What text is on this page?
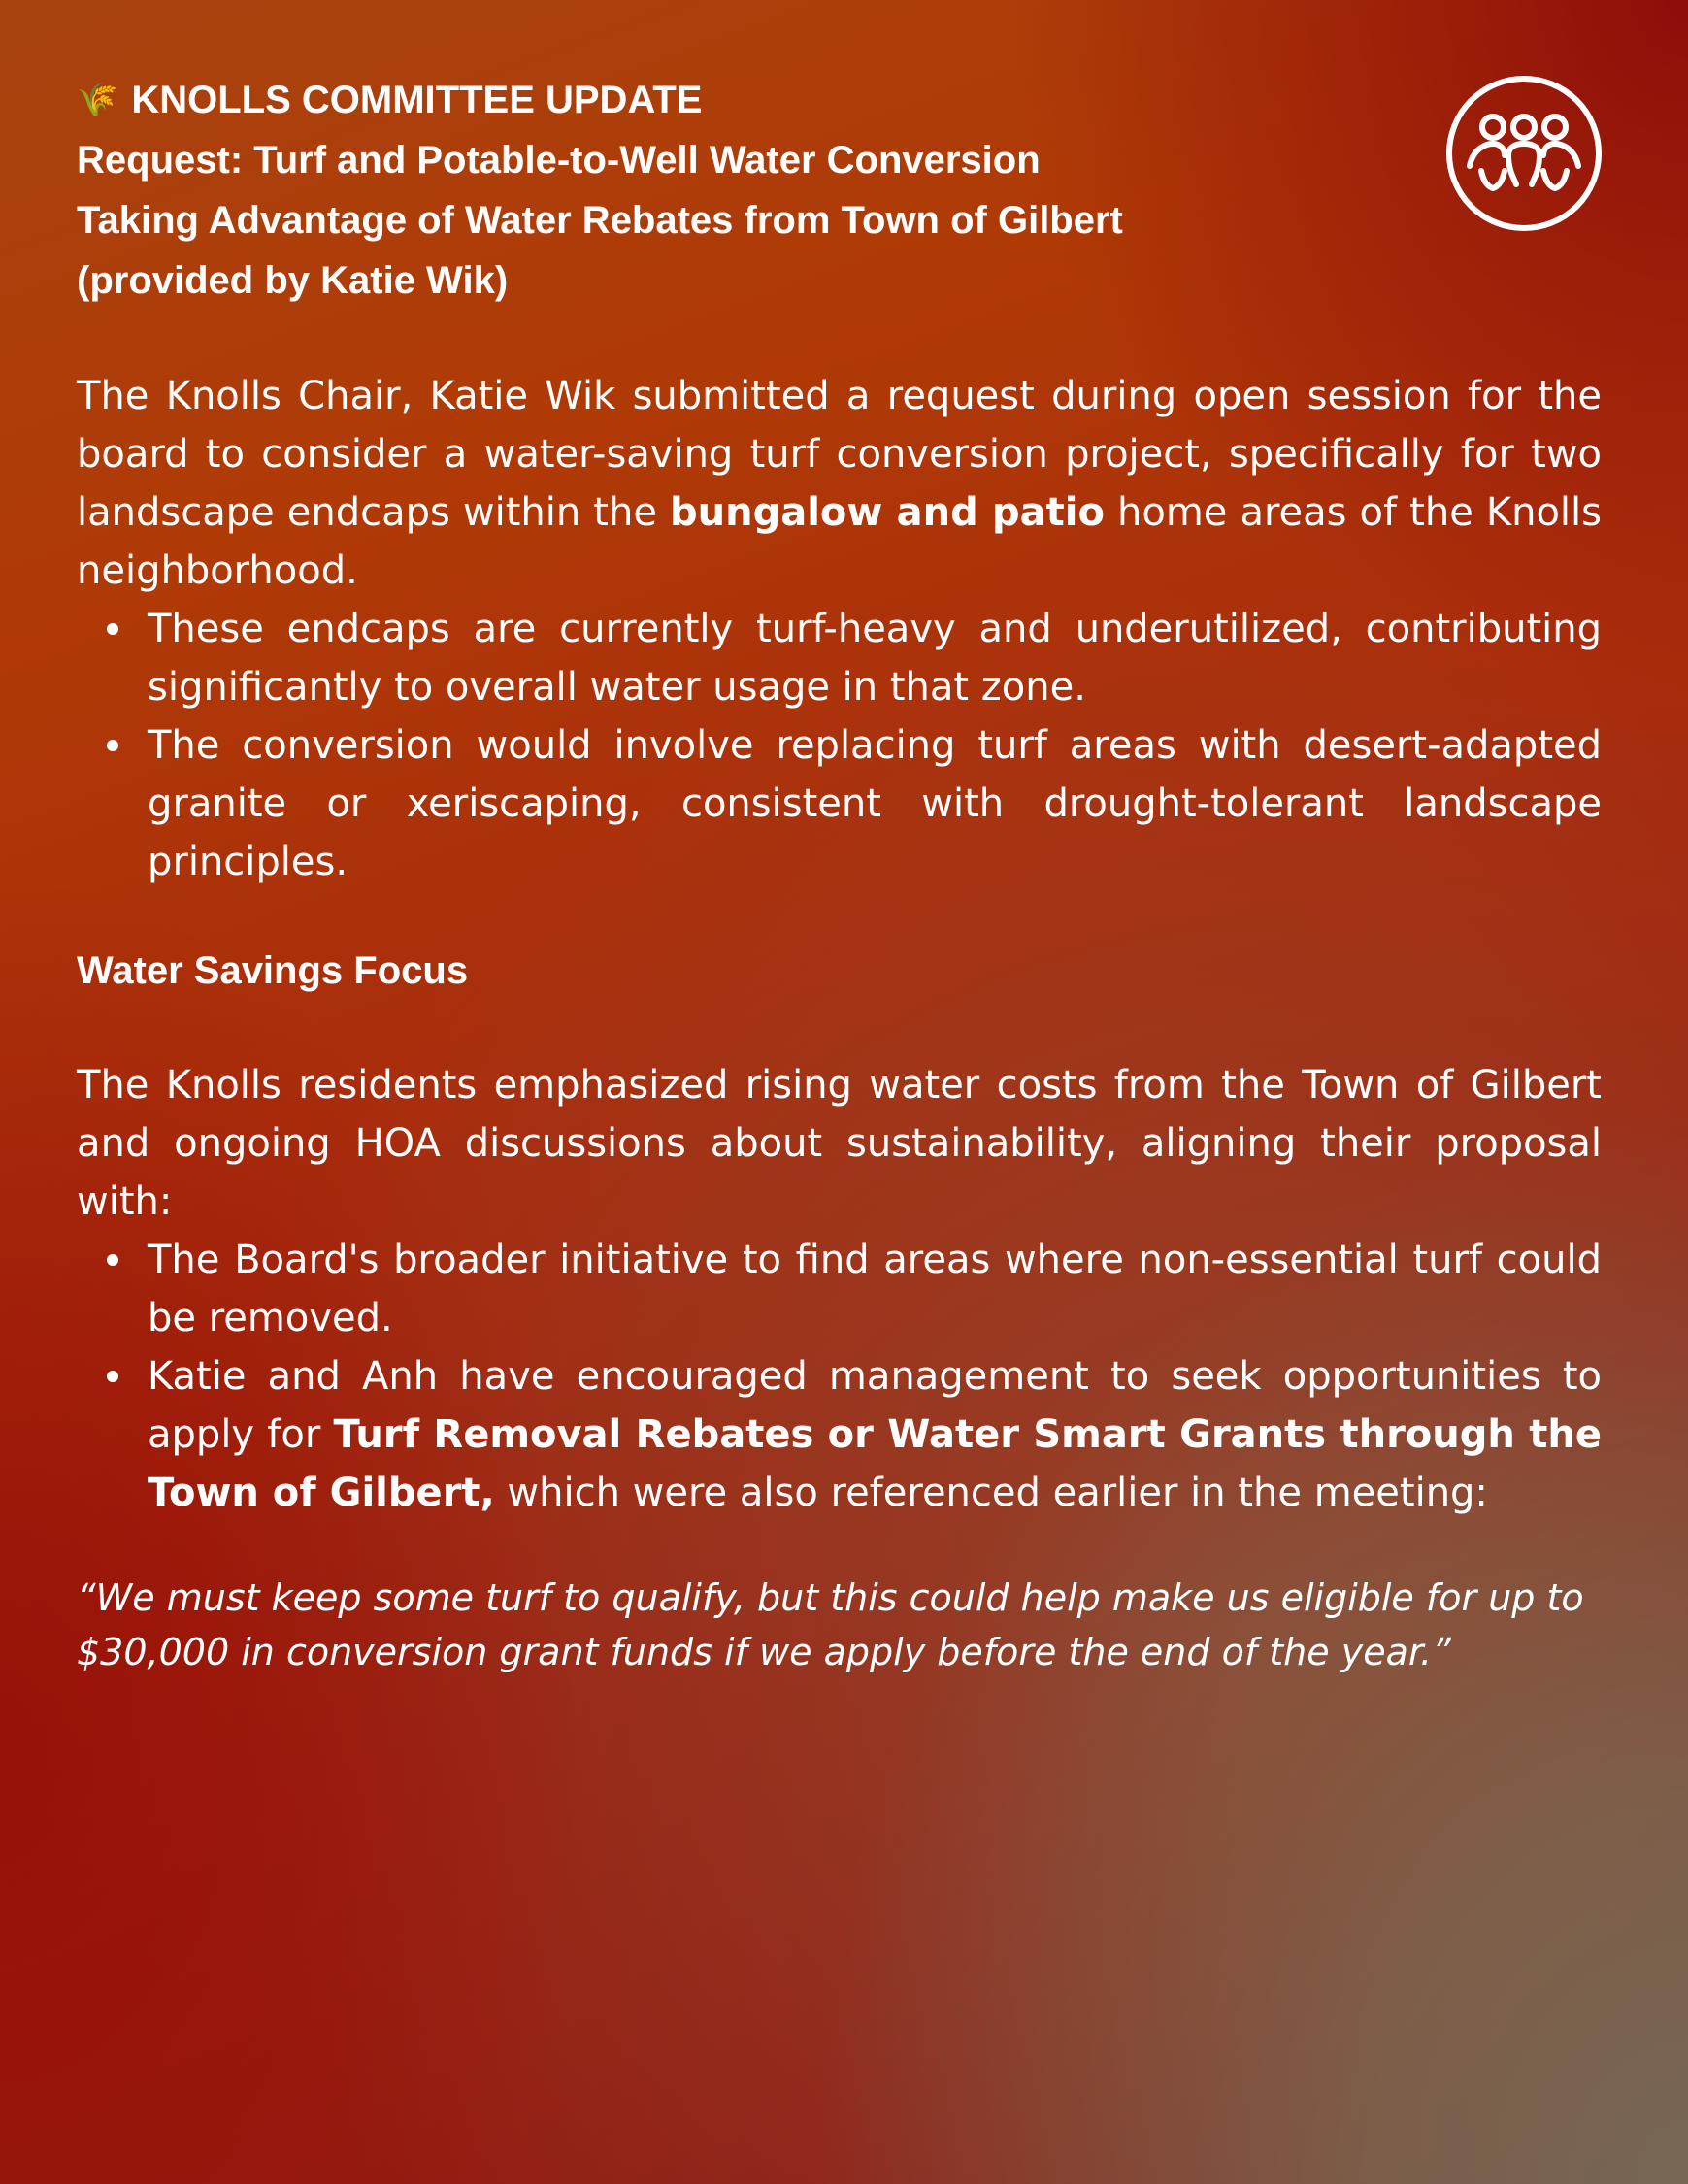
🌾 KNOLLS COMMITTEE UPDATE
Request: Turf and Potable-to-Well Water Conversion
Taking Advantage of Water Rebates from Town of Gilbert
(provided by Katie Wik)

The Knolls Chair, Katie Wik submitted a request during open session for the board to consider a water-saving turf conversion project, specifically for two landscape endcaps within the bungalow and patio home areas of the Knolls neighborhood.

These endcaps are currently turf-heavy and underutilized, contributing significantly to overall water usage in that zone.
The conversion would involve replacing turf areas with desert-adapted granite or xeriscaping, consistent with drought-tolerant landscape principles.

Water Savings Focus

The Knolls residents emphasized rising water costs from the Town of Gilbert and ongoing HOA discussions about sustainability, aligning their proposal with:

The Board's broader initiative to find areas where non-essential turf could be removed.
Katie and Anh have encouraged management to seek opportunities to apply for Turf Removal Rebates or Water Smart Grants through the Town of Gilbert, which were also referenced earlier in the meeting:

“We must keep some turf to qualify, but this could help make us eligible for up to $30,000 in conversion grant funds if we apply before the end of the year.”
